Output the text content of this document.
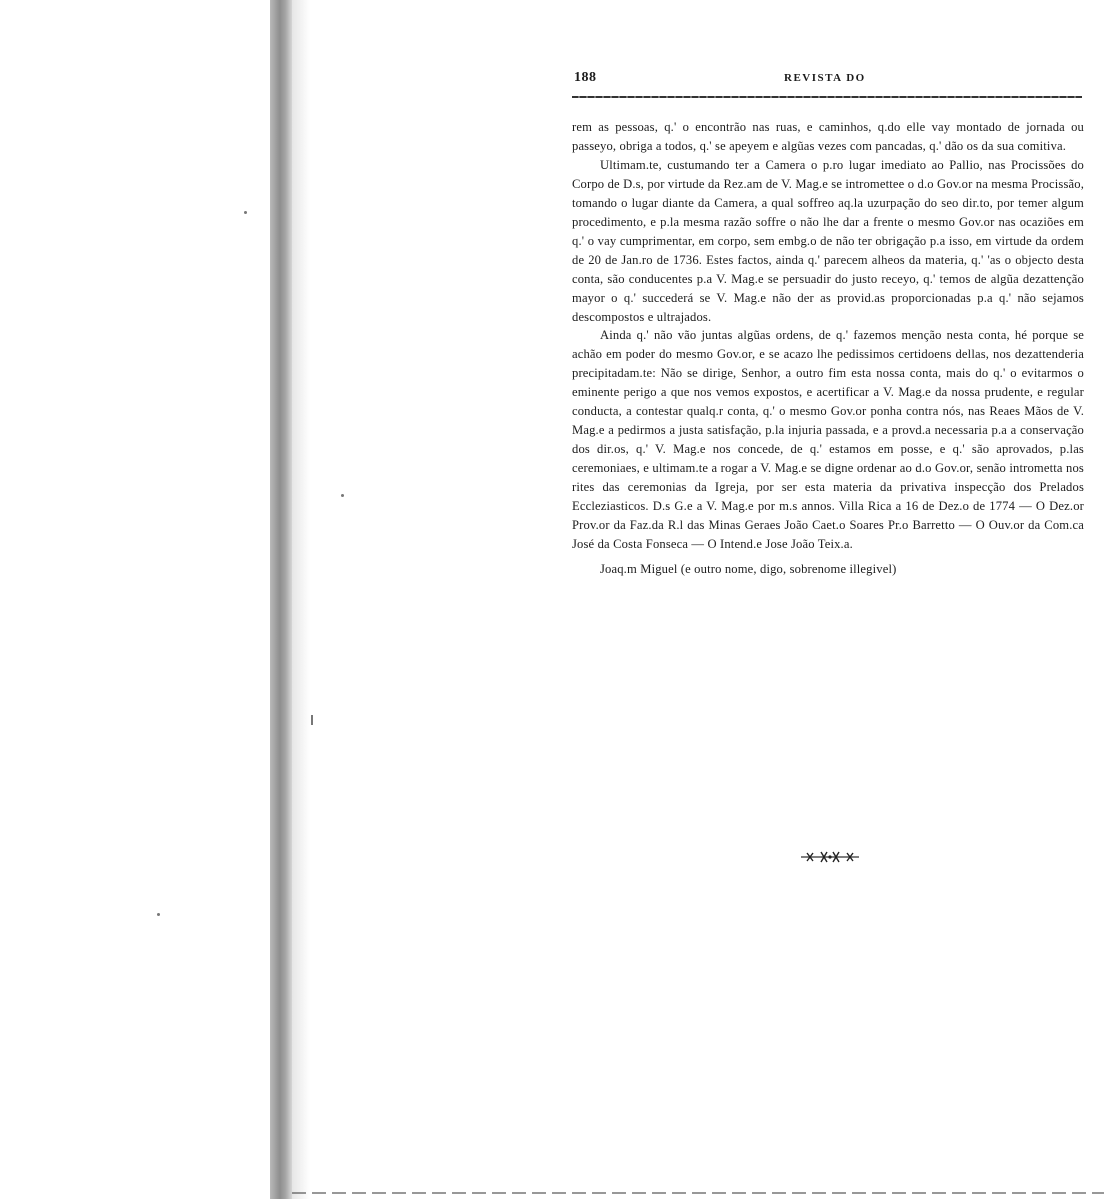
188	REVISTA DO

rem as pessoas, q.' o encontrão nas ruas, e caminhos, q.do elle vay montado de jornada ou passeyo, obriga a todos, q.' se apeyem e algũas vezes com pancadas, q.' dão os da sua comitiva.

Ultimam.te, custumando ter a Camera o p.ro lugar imediato ao Pallio, nas Procissões do Corpo de D.s, por virtude da Rez.am de V. Mag.e se intromettee o d.o Gov.or na mesma Procissão, tomando o lugar diante da Camera, a qual soffreo aq.la uzurpação do seo dir.to, por temer algum procedimento, e p.la mesma razão soffre o não lhe dar a frente o mesmo Gov.or nas ocaziões em q.' o vay cumprimentar, em corpo, sem embg.o de não ter obrigação p.a isso, em virtude da ordem de 20 de Jan.ro de 1736. Estes factos, ainda q.' parecem alheos da materia, q.' 'as o objecto desta conta, são conducentes p.a V. Mag.e se persuadir do justo receyo, q.' temos de algũa dezattenção mayor o q.' succederá se V. Mag.e não der as provid.as proporcionadas p.a q.' não sejamos descompostos e ultrajados.

Ainda q.' não vão juntas algũas ordens, de q.' fazemos menção nesta conta, hé porque se achão em poder do mesmo Gov.or, e se acazo lhe pedissimos certidoens dellas, nos dezattenderia precipitadam.te: Não se dirige, Senhor, a outro fim esta nossa conta, mais do q.' o evitarmos o eminente perigo a que nos vemos expostos, e acertificar a V. Mag.e da nossa prudente, e regular conducta, a contestar qualq.r conta, q.' o mesmo Gov.or ponha contra nós, nas Reaes Mãos de V. Mag.e a pedirmos a justa satisfação, p.la injuria passada, e a provd.a necessaria p.a a conservação dos dir.os, q.' V. Mag.e nos concede, de q.' estamos em posse, e q.' são aprovados, p.las ceremoniaes, e ultimam.te a rogar a V. Mag.e se digne ordenar ao d.o Gov.or, senão intrometta nos rites das ceremonias da Igreja, por ser esta materia da privativa inspecção dos Prelados Eccleziasticos. D.s G.e a V. Mag.e por m.s annos. Villa Rica a 16 de Dez.o de 1774 — O Dez.or Prov.or da Faz.da R.l das Minas Geraes João Caet.o Soares Pr.o Barretto — O Ouv.or da Com.ca José da Costa Fonseca — O Intend.e Jose João Teix.a.

Joaq.m Miguel (e outro nome, digo, sobrenome illegivel)
